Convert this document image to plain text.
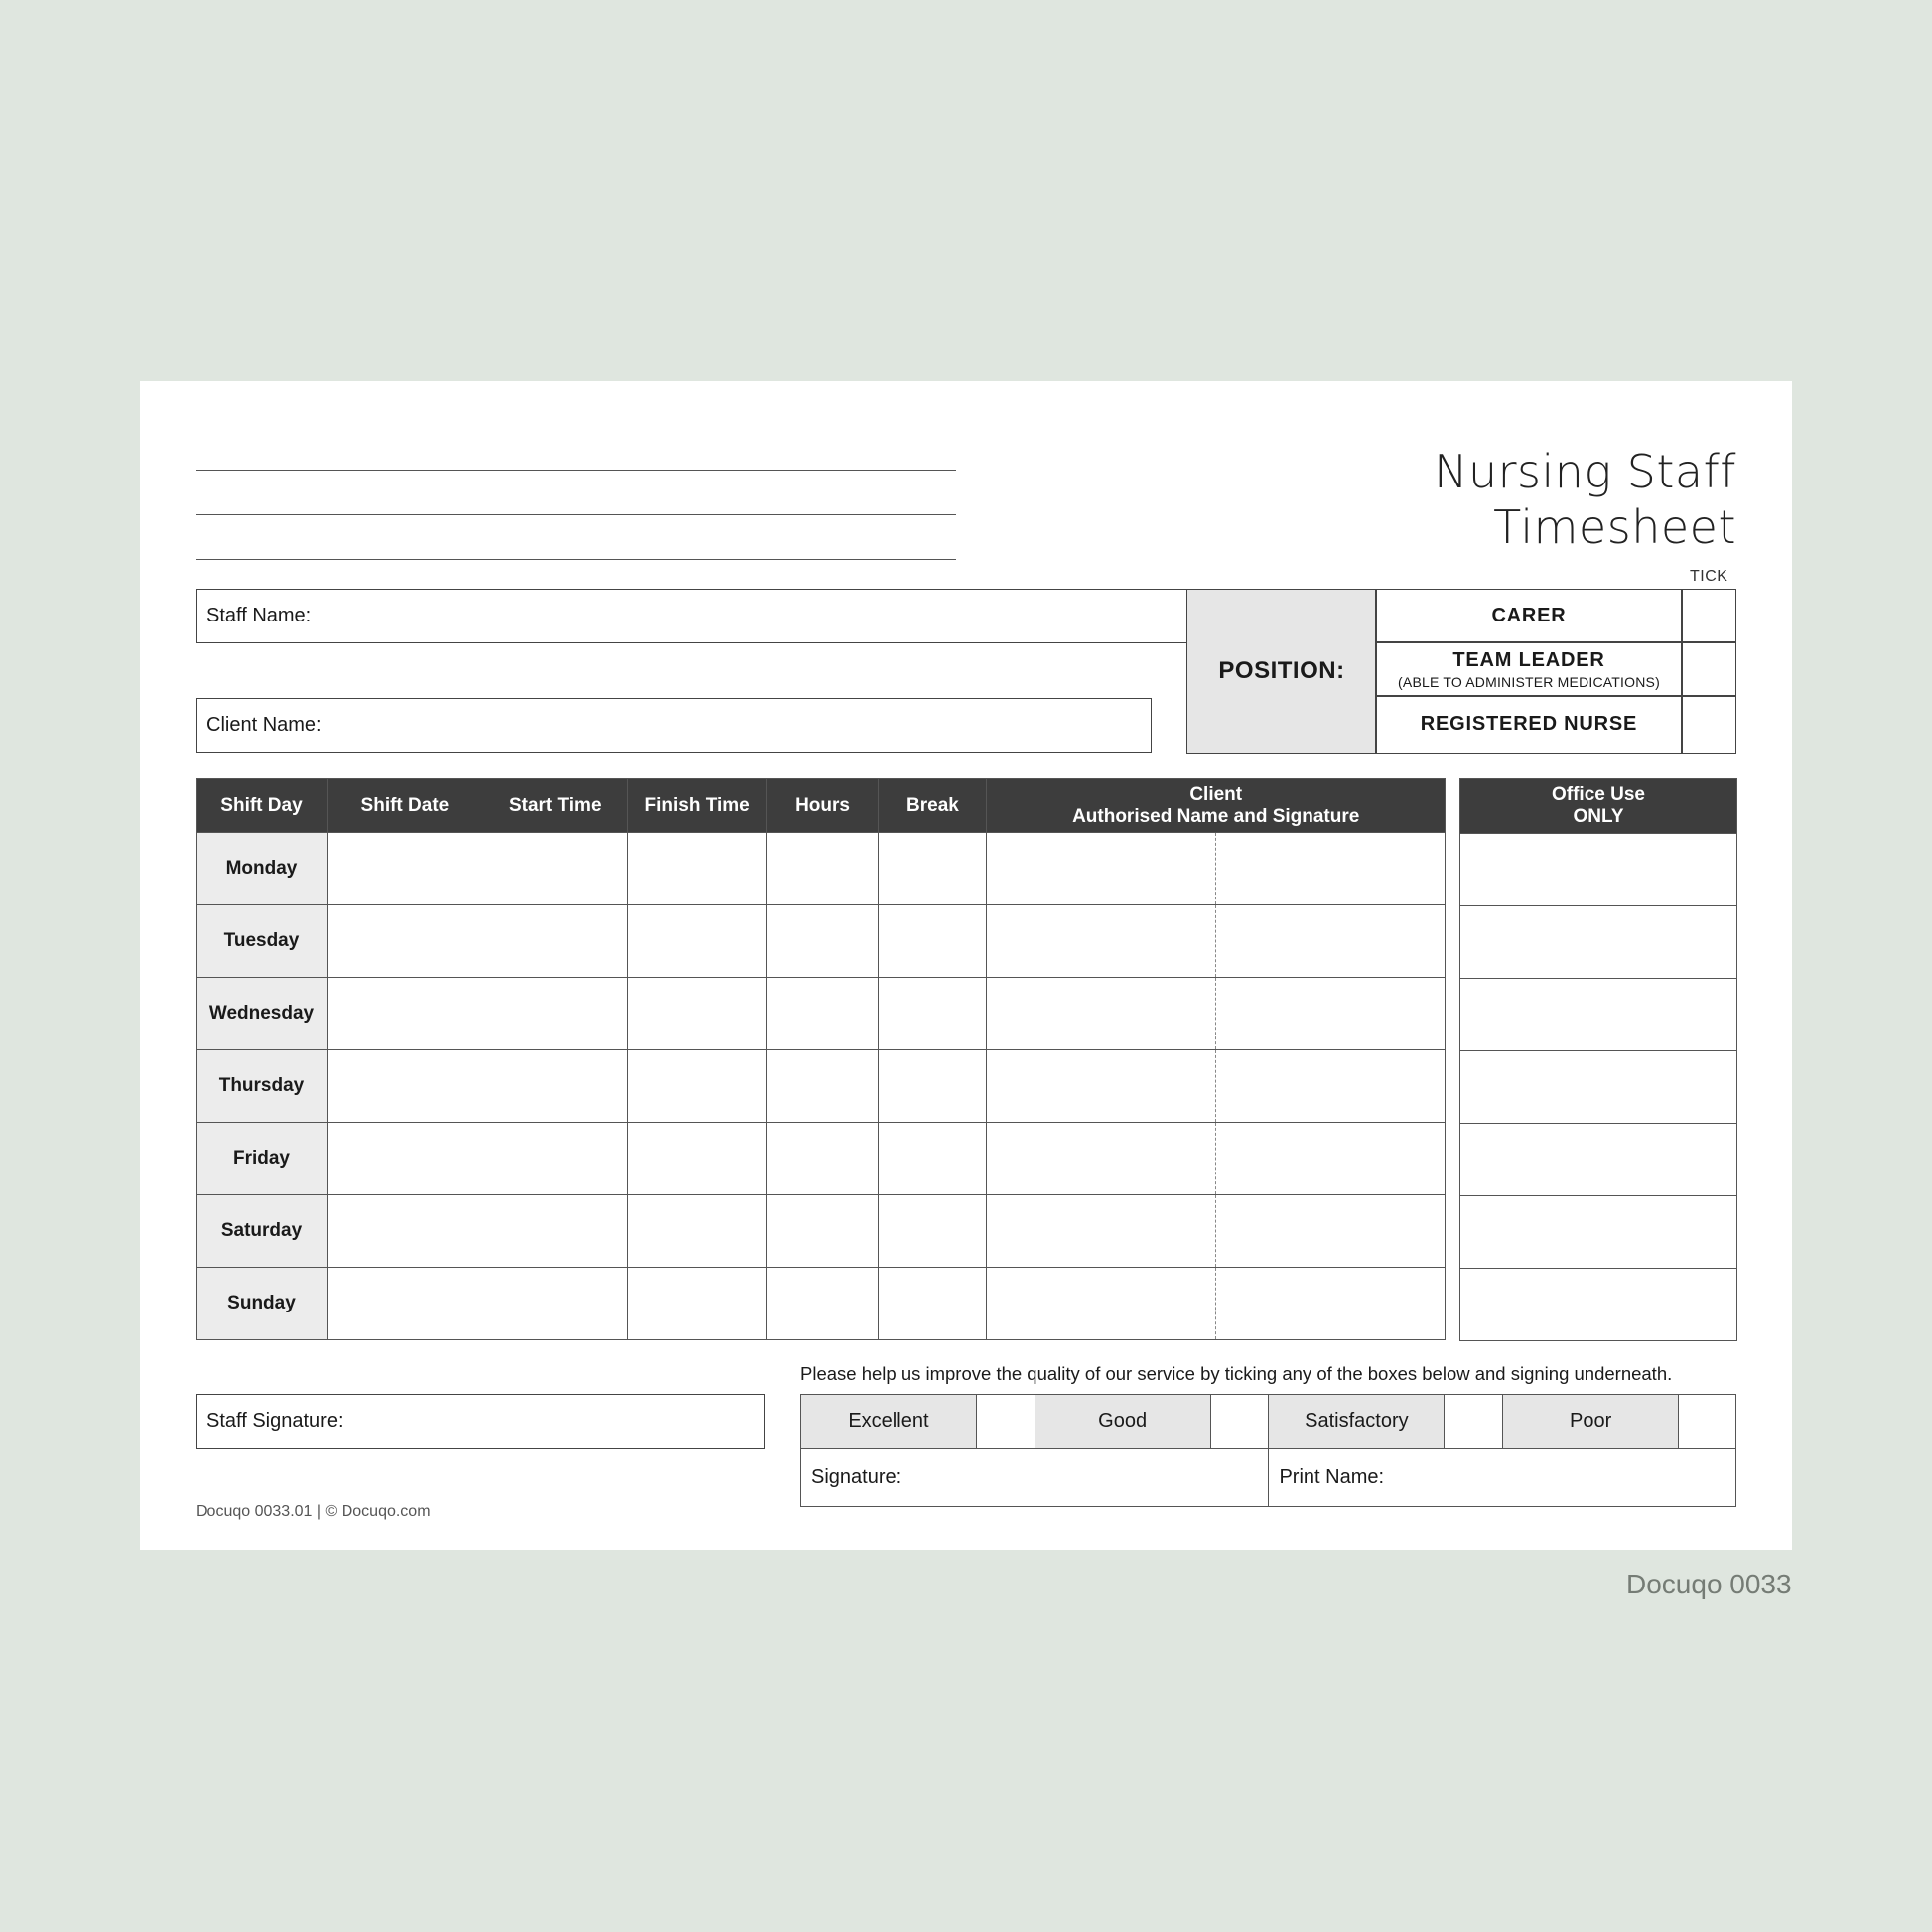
Nursing Staff
Timesheet
TICK
Staff Name:
Client Name:
POSITION:
CARER
TEAM LEADER
(ABLE TO ADMINISTER MEDICATIONS)
REGISTERED NURSE
Shift Day	Shift Date	Start Time	Finish Time	Hours	Break	Client
Authorised Name and Signature	

Monday							
Tuesday							
Wednesday							
Thursday							
Friday							
Saturday							
Sunday							
Office Use
ONLY

Staff Signature:
Please help us improve the quality of our service by ticking any of the boxes below and signing underneath.
Excellent		Good		Satisfactory		Poor	
Signature:				Print Name:			
Docuqo 0033.01 | © Docuqo.com
Docuqo 0033
